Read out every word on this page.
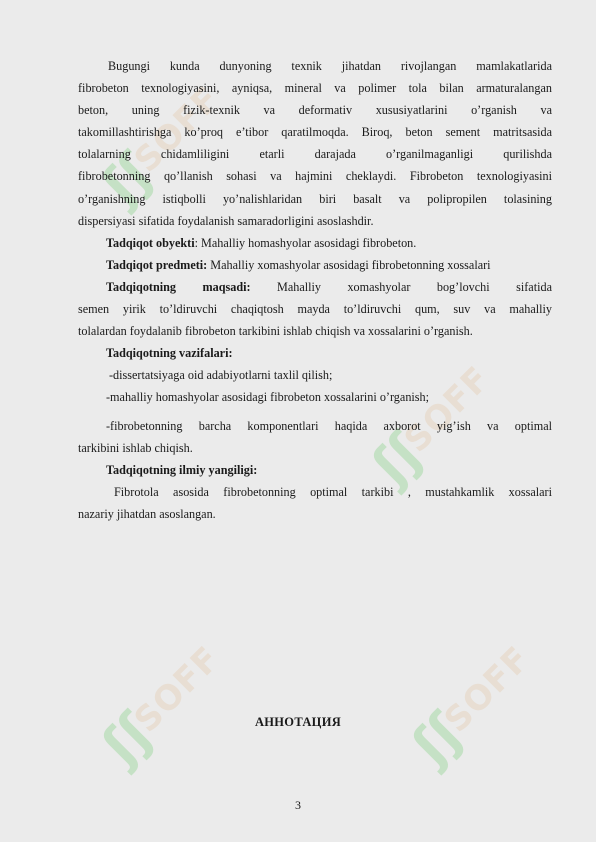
ʃʃ
SOFF
ʃʃ
SOFF
ʃʃ
SOFF	ʃʃ
SOFF

Bugungi kunda dunyoning texnik jihatdan rivojlangan mamlakatlarida

fibrobeton texnologiyasini, ayniqsa, mineral va polimer tola bilan armaturalangan

beton, uning fizik-texnik va deformativ xususiyatlarini o’rganish va

takomillashtirishga ko’proq e’tibor qaratilmoqda. Biroq, beton sement matritsasida

tolalarning chidamliligini etarli darajada o’rganilmaganligi qurilishda

fibrobetonning qo’llanish sohasi va hajmini cheklaydi. Fibrobeton texnologiyasini

o’rganishning istiqbolli yo’nalishlaridan biri basalt va polipropilen tolasining

dispersiyasi sifatida foydalanish samaradorligini asoslashdir.

Tadqiqot obyekti: Mahalliy homashyolar asosidagi fibrobeton.

Tadqiqot predmeti: Mahalliy xomashyolar asosidagi fibrobetonning xossalari

Tadqiqotning maqsadi: Mahalliy xomashyolar bog’lovchi sifatida

semen yirik to’ldiruvchi chaqiqtosh mayda to’ldiruvchi qum, suv va mahalliy

tolalardan foydalanib fibrobeton tarkibini ishlab chiqish va xossalarini o’rganish.

Tadqiqotning vazifalari:

-dissertatsiyaga oid adabiyotlarni taxlil qilish;

-mahalliy homashyolar asosidagi fibrobeton xossalarini o’rganish;

-fibrobetonning barcha komponentlari haqida axborot yig’ish va optimal

tarkibini ishlab chiqish.

Tadqiqotning ilmiy yangiligi:

Fibrotola asosida fibrobetonning optimal tarkibi , mustahkamlik xossalari

nazariy jihatdan asoslangan.

АННОТАЦИЯ
3
